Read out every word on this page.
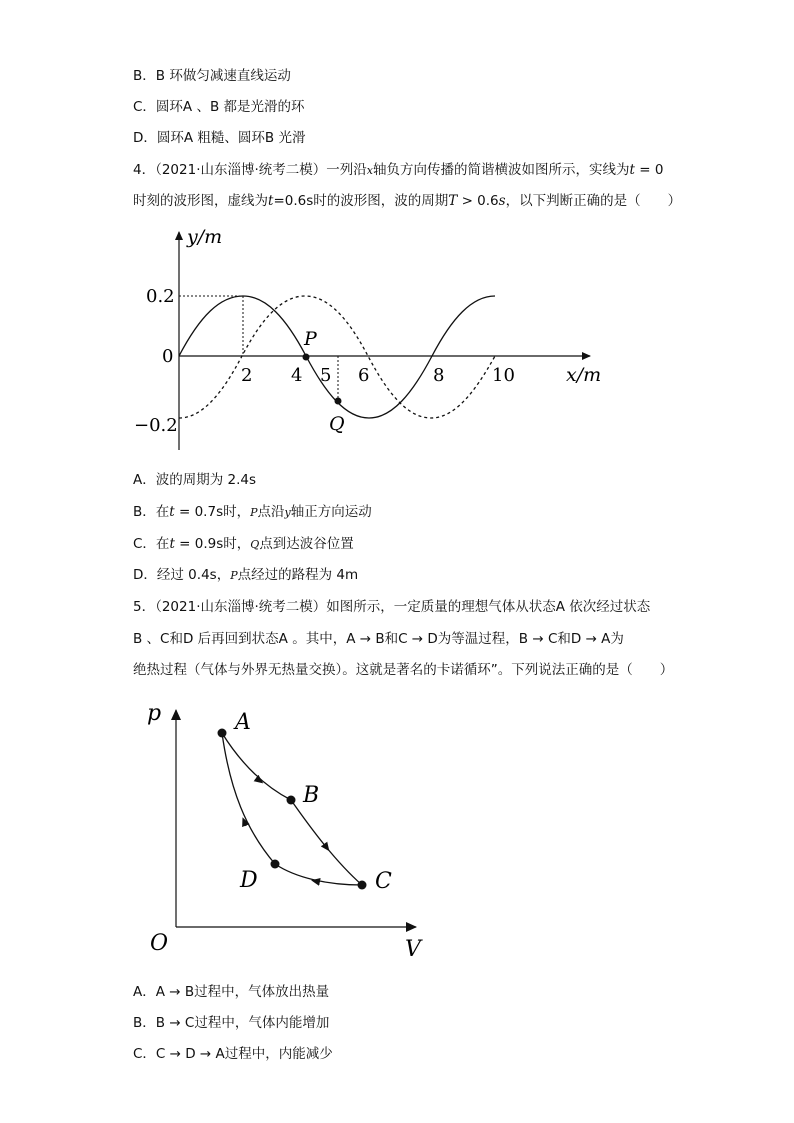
B．B 环做匀减速直线运动
C．圆环A 、B 都是光滑的环
D．圆环A 粗糙、圆环B 光滑
4．（2021·山东淄博·统考二模）一列沿x轴负方向传播的简谐横波如图所示，实线为t = 0
时刻的波形图，虚线为t=0.6s时的波形图，波的周期T > 0.6s，以下判断正确的是（　　）
y/m
x/m
0.2
0
−0.2
2 4 5 6	8	10
P
Q
A．波的周期为 2.4s
B．在t = 0.7s时，P点沿y轴正方向运动
C．在t = 0.9s时，Q点到达波谷位置
D．经过 0.4s，P点经过的路程为 4m
5．（2021·山东淄博·统考二模）如图所示，一定质量的理想气体从状态A 依次经过状态
B 、C和D 后再回到状态A 。其中，A → B和C → D为等温过程，B → C和D → A为
绝热过程（气体与外界无热量交换）。这就是著名的卡诺循环”。下列说法正确的是（　　）
p
V
O
A
B
C
D
A．A → B过程中，气体放出热量
B．B → C过程中，气体内能增加
C．C → D → A过程中，内能减少
